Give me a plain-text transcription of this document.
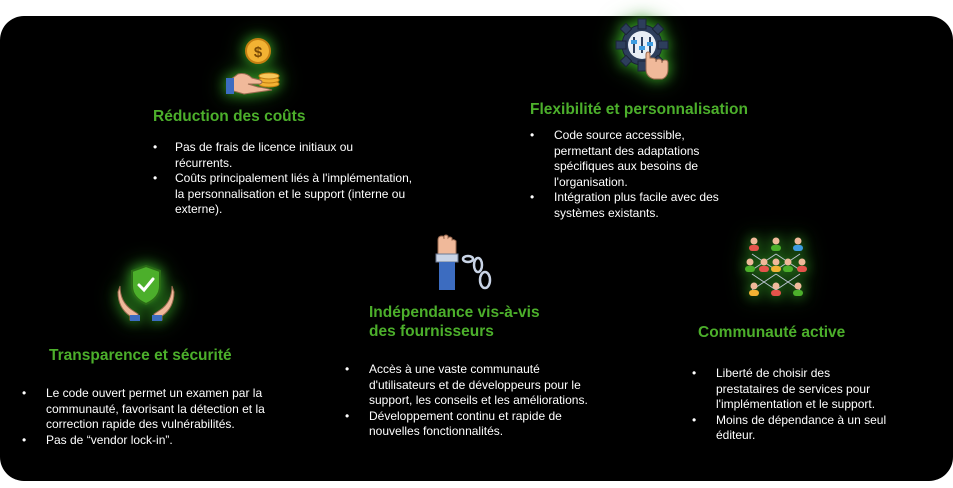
$
Réduction des coûts
• Pas de frais de licence initiaux ou récurrents.
• Coûts principalement liés à l'implémentation, la personnalisation et le support (interne ou externe).
Flexibilité et personnalisation
• Code source accessible, permettant des adaptations spécifiques aux besoins de l'organisation.
• Intégration plus facile avec des systèmes existants.
Transparence et sécurité
• Le code ouvert permet un examen par la communauté, favorisant la détection et la correction rapide des vulnérabilités.
• Pas de “vendor lock-in”.
Indépendance vis-à-vis
des fournisseurs
• Accès à une vaste communauté d'utilisateurs et de développeurs pour le support, les conseils et les améliorations.
• Développement continu et rapide de nouvelles fonctionnalités.
Communauté active
• Liberté de choisir des prestataires de services pour l'implémentation et le support.
• Moins de dépendance à un seul éditeur.
